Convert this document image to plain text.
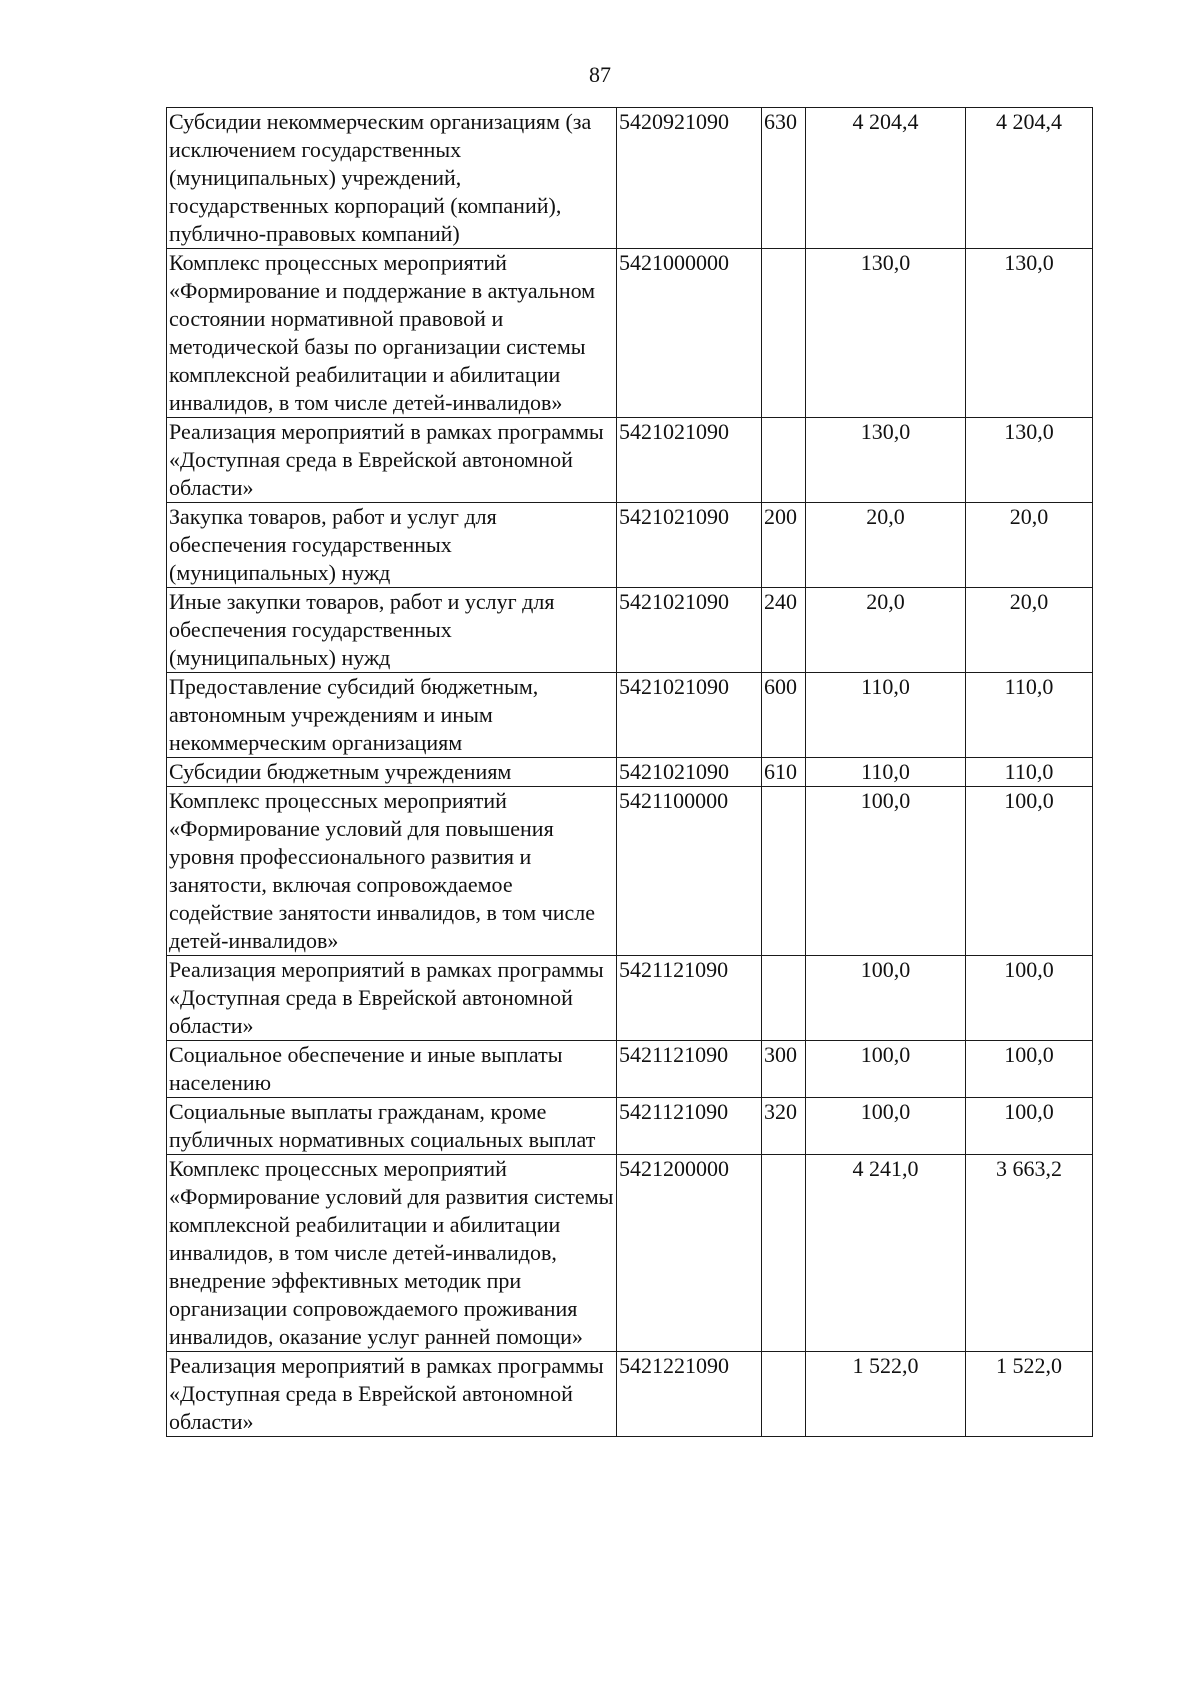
87
Субсидии некоммерческим организациям (за исключением государственных (муниципальных) учреждений, государственных корпораций (компаний), публично-правовых компаний)	5420921090	630	4 204,4	4 204,4
Комплекс процессных мероприятий «Формирование и поддержание в актуальном состоянии нормативной правовой и методической базы по организации системы комплексной реабилитации и абилитации инвалидов, в том числе детей-инвалидов»	5421000000		130,0	130,0
Реализация мероприятий в рамках программы «Доступная среда в Еврейской автономной области»	5421021090		130,0	130,0
Закупка товаров, работ и услуг для обеспечения государственных (муниципальных) нужд	5421021090	200	20,0	20,0
Иные закупки товаров, работ и услуг для обеспечения государственных (муниципальных) нужд	5421021090	240	20,0	20,0
Предоставление субсидий бюджетным, автономным учреждениям и иным некоммерческим организациям	5421021090	600	110,0	110,0
Субсидии бюджетным учреждениям	5421021090	610	110,0	110,0
Комплекс процессных мероприятий «Формирование условий для повышения уровня профессионального развития и занятости, включая сопровождаемое содействие занятости инвалидов, в том числе детей-инвалидов»	5421100000		100,0	100,0
Реализация мероприятий в рамках программы «Доступная среда в Еврейской автономной области»	5421121090		100,0	100,0
Социальное обеспечение и иные выплаты населению	5421121090	300	100,0	100,0
Социальные выплаты гражданам, кроме публичных нормативных социальных выплат	5421121090	320	100,0	100,0
Комплекс процессных мероприятий «Формирование условий для развития системы комплексной реабилитации и абилитации инвалидов, в том числе детей-инвалидов, внедрение эффективных методик при организации сопровождаемого проживания инвалидов, оказание услуг ранней помощи»	5421200000		4 241,0	3 663,2
Реализация мероприятий в рамках программы «Доступная среда в Еврейской автономной области»	5421221090		1 522,0	1 522,0
